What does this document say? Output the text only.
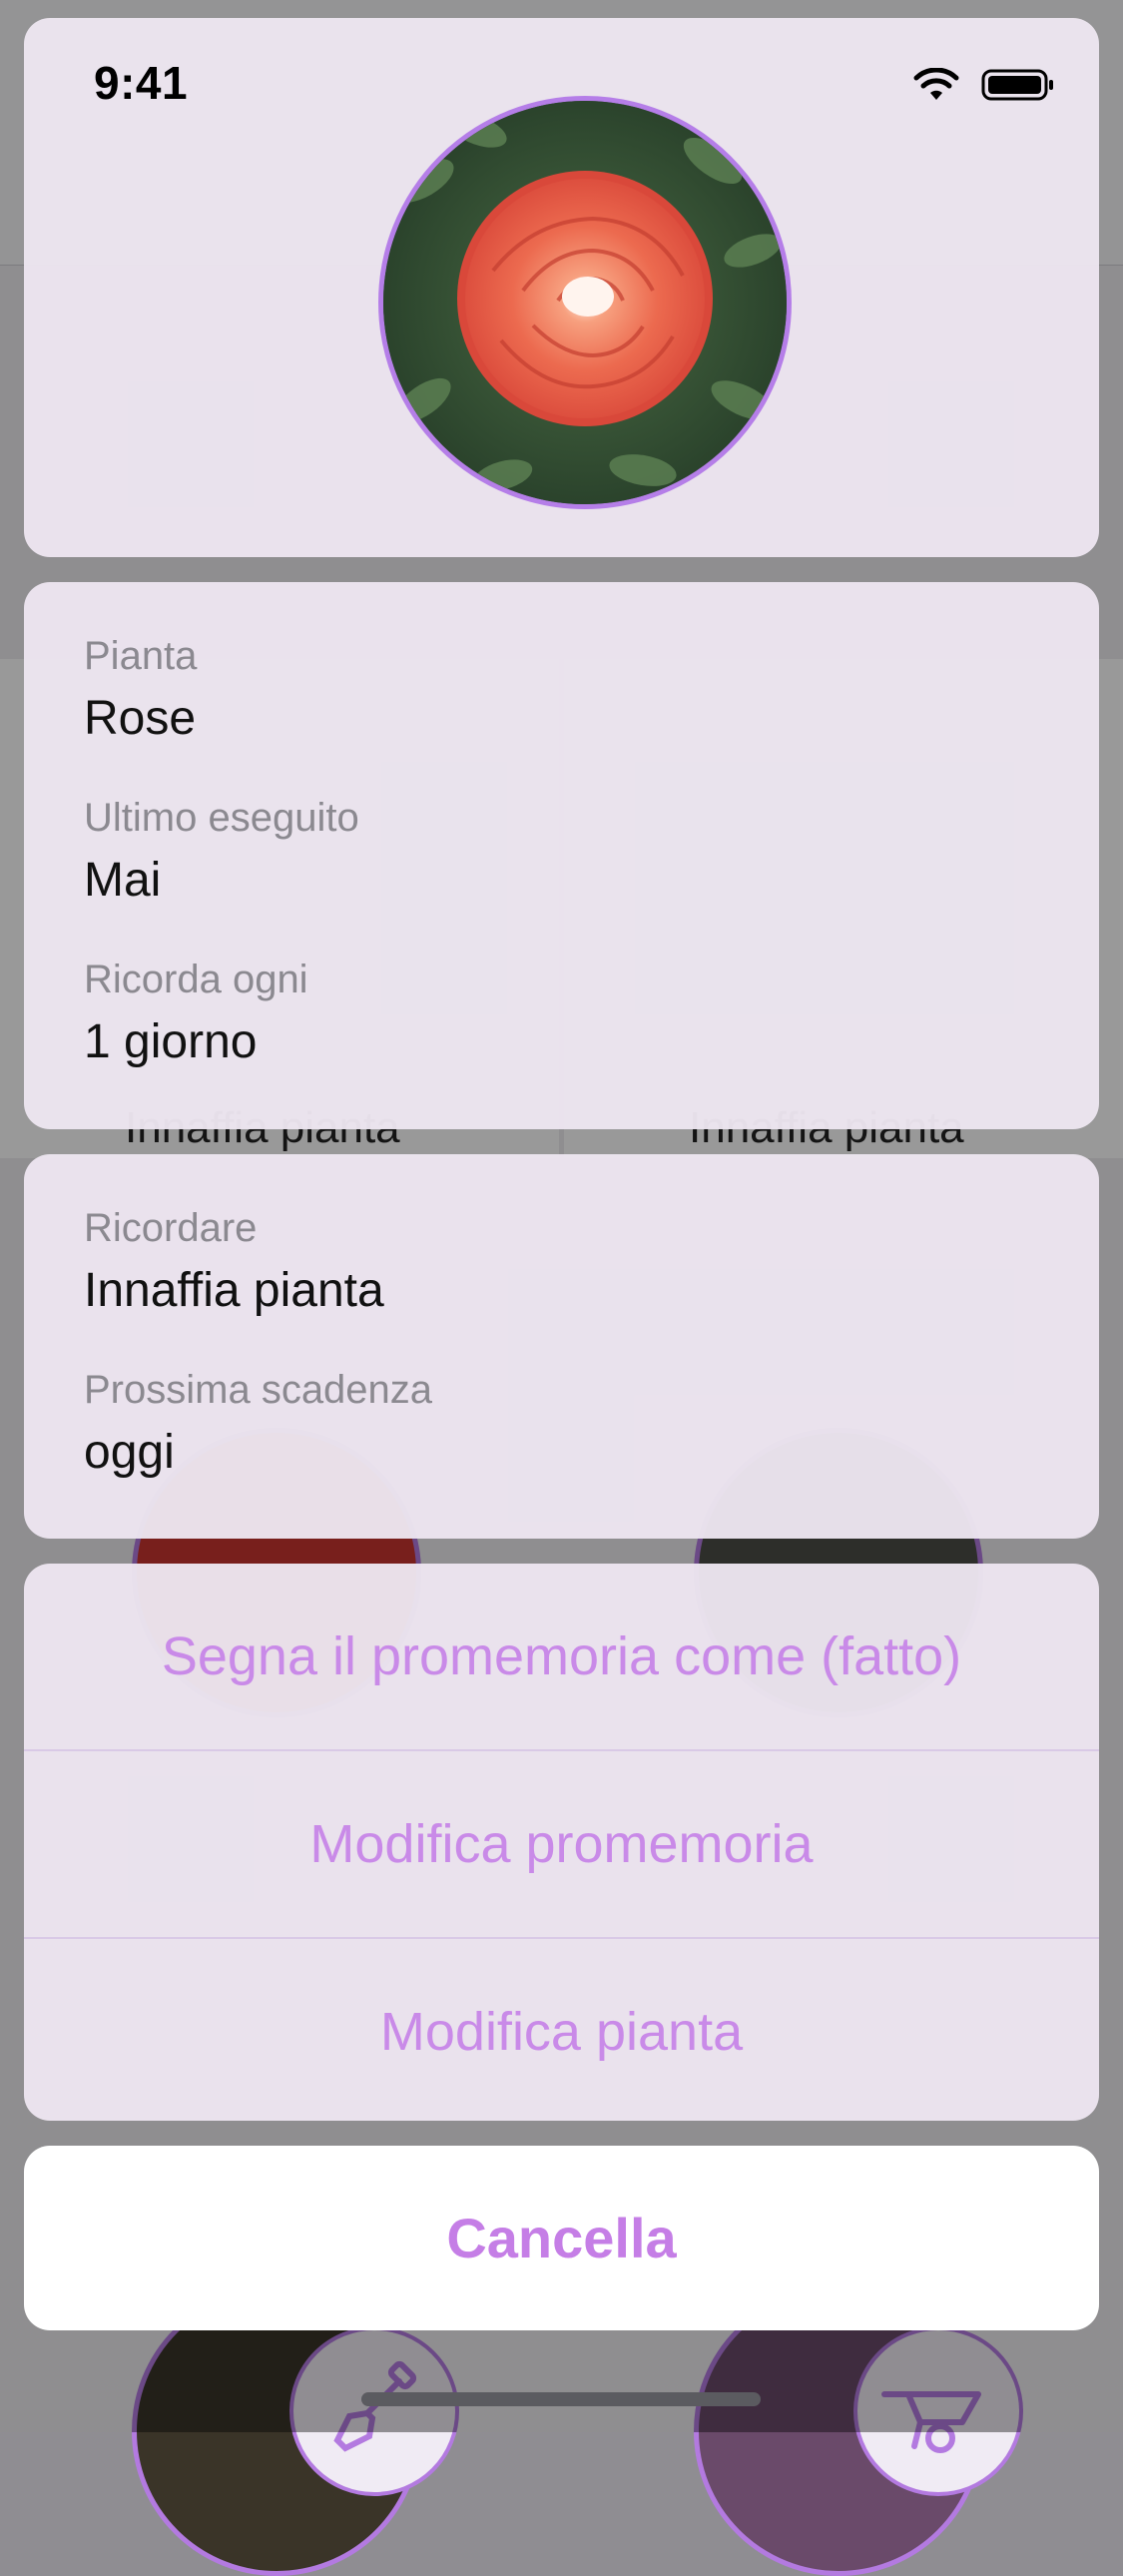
9:41
Pianta
Rose
Ultimo eseguito
Mai
Ricorda ogni
1 giorno
Ricordare
Innaffia pianta
Prossima scadenza
oggi
Segna il promemoria come (fatto)
Modifica promemoria
Modifica pianta
Cancella
